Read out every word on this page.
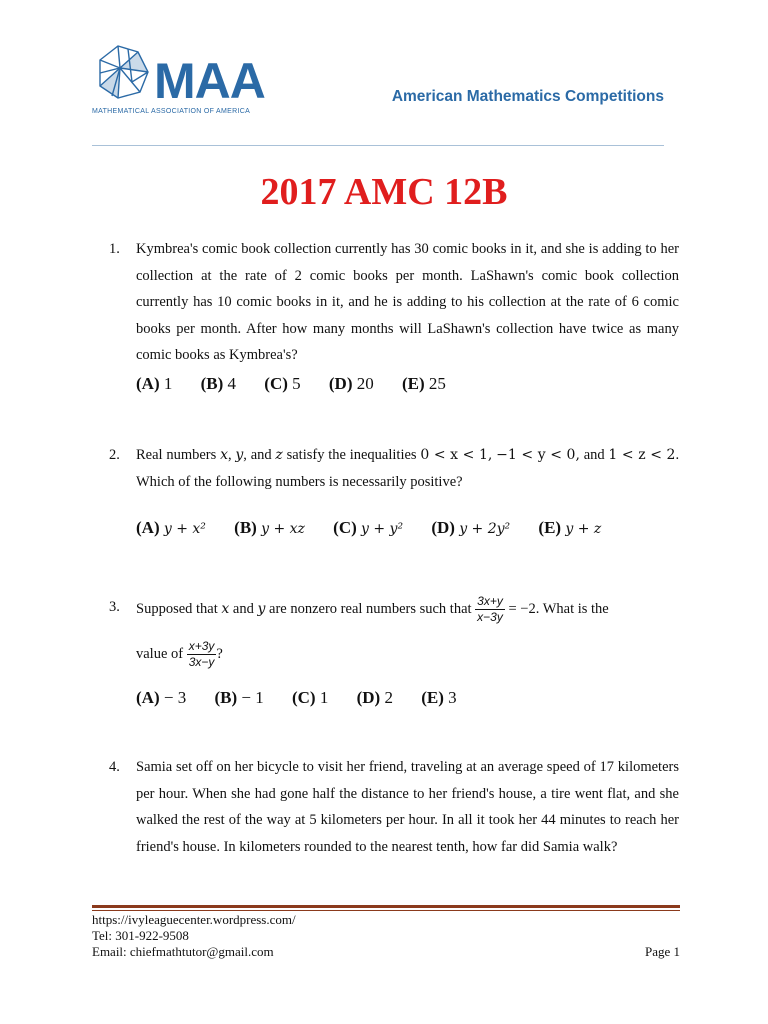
MAA
MATHEMATICAL ASSOCIATION OF AMERICA
American Mathematics Competitions
2017 AMC 12B
1. Kymbrea's comic book collection currently has 30 comic books in it, and she is adding to her collection at the rate of 2 comic books per month. LaShawn's comic book collection currently has 10 comic books in it, and he is adding to his collection at the rate of 6 comic books per month. After how many months will LaShawn's collection have twice as many comic books as Kymbrea's?
(A) 1 (B) 4 (C) 5 (D) 20 (E) 25
2. Real numbers x, y, and z satisfy the inequalities 0 < x < 1, −1 < y < 0, and 1 < z < 2. Which of the following numbers is necessarily positive?
(A) y + x² (B) y + xz (C) y + y² (D) y + 2y² (E) y + z
3. Supposed that x and y are nonzero real numbers such that $\frac{3x+y}{x-3y} = -2$. What is the
value of $\frac{x+3y}{3x-y}$ ?
(A) − 3 (B) − 1 (C) 1 (D) 2 (E) 3
4. Samia set off on her bicycle to visit her friend, traveling at an average speed of 17 kilometers per hour. When she had gone half the distance to her friend's house, a tire went flat, and she walked the rest of the way at 5 kilometers per hour. In all it took her 44 minutes to reach her friend's house. In kilometers rounded to the nearest tenth, how far did Samia walk?
https://ivyleaguecenter.wordpress.com/
Tel: 301-922-9508
Email: chiefmathtutor@gmail.com	Page 1
